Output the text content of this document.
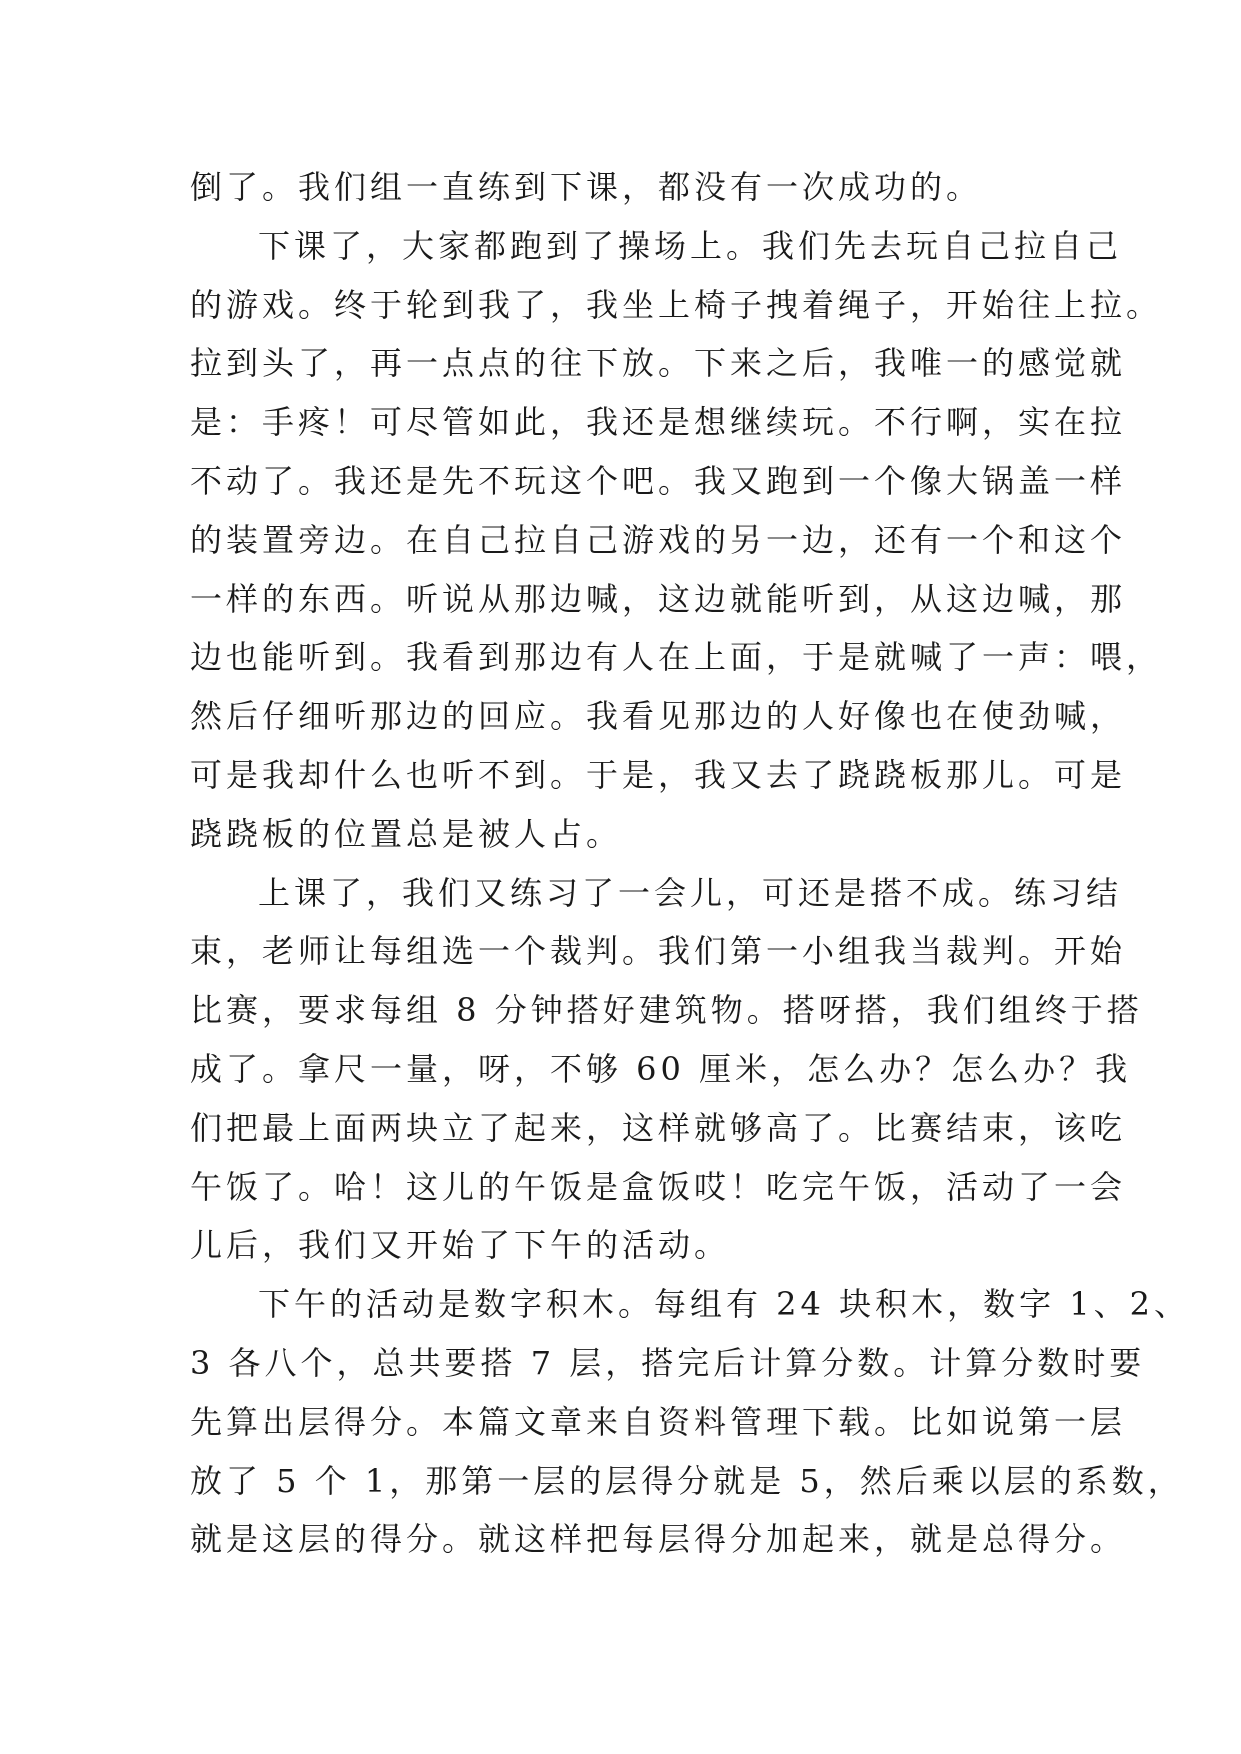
倒了。我们组一直练到下课，都没有一次成功的。
下课了，大家都跑到了操场上。我们先去玩自己拉自己
的游戏。终于轮到我了，我坐上椅子拽着绳子，开始往上拉。
拉到头了，再一点点的往下放。下来之后，我唯一的感觉就
是：手疼！可尽管如此，我还是想继续玩。不行啊，实在拉
不动了。我还是先不玩这个吧。我又跑到一个像大锅盖一样
的装置旁边。在自己拉自己游戏的另一边，还有一个和这个
一样的东西。听说从那边喊，这边就能听到，从这边喊，那
边也能听到。我看到那边有人在上面，于是就喊了一声：喂，
然后仔细听那边的回应。我看见那边的人好像也在使劲喊，
可是我却什么也听不到。于是，我又去了跷跷板那儿。可是
跷跷板的位置总是被人占。
上课了，我们又练习了一会儿，可还是搭不成。练习结
束，老师让每组选一个裁判。我们第一小组我当裁判。开始
比赛，要求每组 8 分钟搭好建筑物。搭呀搭，我们组终于搭
成了。拿尺一量，呀，不够 60 厘米，怎么办？怎么办？我
们把最上面两块立了起来，这样就够高了。比赛结束，该吃
午饭了。哈！这儿的午饭是盒饭哎！吃完午饭，活动了一会
儿后，我们又开始了下午的活动。
下午的活动是数字积木。每组有 24 块积木，数字 1、2、
3 各八个，总共要搭 7 层，搭完后计算分数。计算分数时要
先算出层得分。本篇文章来自资料管理下载。比如说第一层
放了 5 个 1，那第一层的层得分就是 5，然后乘以层的系数，
就是这层的得分。就这样把每层得分加起来，就是总得分。
